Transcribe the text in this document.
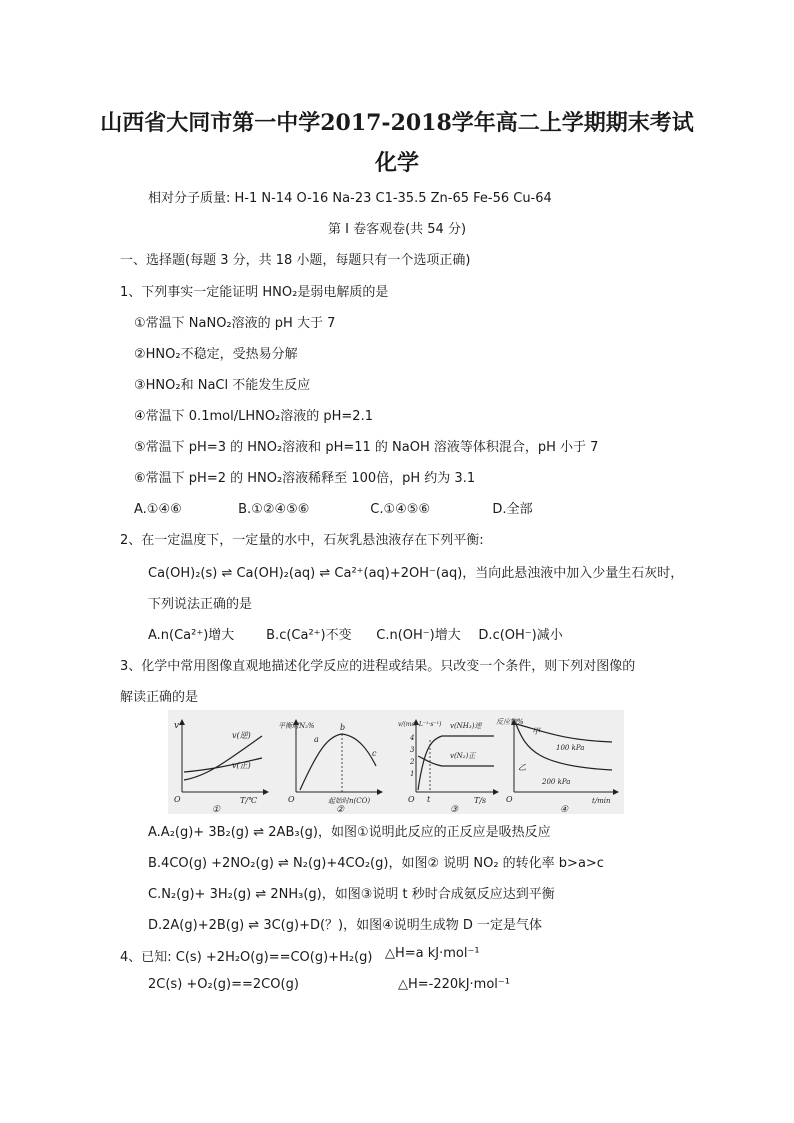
山西省大同市第一中学2017-2018学年高二上学期期末考试
化学
相对分子质量: H-1 N-14 O-16 Na-23 C1-35.5 Zn-65 Fe-56 Cu-64
第 I 卷客观卷(共 54 分)
一、选择题(每题 3 分，共 18 小题，每题只有一个选项正确)
1、下列事实一定能证明 HNO₂是弱电解质的是
①常温下 NaNO₂溶液的 pH 大于 7
②HNO₂不稳定，受热易分解
③HNO₂和 NaCl 不能发生反应
④常温下 0.1mol/LHNO₂溶液的 pH=2.1
⑤常温下 pH=3 的 HNO₂溶液和 pH=11 的 NaOH 溶液等体积混合，pH 小于 7
⑥常温下 pH=2 的 HNO₂溶液稀释至 100倍，pH 约为 3.1
A.①④⑥	B.①②④⑤⑥	C.①④⑤⑥	D.全部
2、在一定温度下，一定量的水中，石灰乳悬浊液存在下列平衡:
Ca(OH)₂(s) ⇌ Ca(OH)₂(aq) ⇌ Ca²⁺(aq)+2OH⁻(aq)，当向此悬浊液中加入少量生石灰时，
下列说法正确的是
A.n(Ca²⁺)增大 B.c(Ca²⁺)不变 C.n(OH⁻)增大 D.c(OH⁻)减小
3、化学中常用图像直观地描述化学反应的进程或结果。只改变一个条件，则下列对图像的
解读正确的是
v
v(逆)
v(正)
T/℃
O
①
平衡时N₂%
a
b
c
起始时n(CO)
O
②
4
3
2
1
v/(mol·L⁻¹·s⁻¹) v(NH₃)逆
v(N₂)正
t	T/s
O
③
反应物%
甲
乙
100 kPa
200 kPa
t/min
O
④
A.A₂(g)+ 3B₂(g) ⇌ 2AB₃(g)，如图①说明此反应的正反应是吸热反应
B.4CO(g) +2NO₂(g) ⇌ N₂(g)+4CO₂(g)，如图② 说明 NO₂ 的转化率 b>a>c
C.N₂(g)+ 3H₂(g) ⇌ 2NH₃(g)，如图③说明 t 秒时合成氨反应达到平衡
D.2A(g)+2B(g) ⇌ 3C(g)+D(？)，如图④说明生成物 D 一定是气体
4、已知: C(s) +2H₂O(g)==CO(g)+H₂(g) △H=a kJ·mol⁻¹
2C(s) +O₂(g)==2CO(g)	△H=-220kJ·mol⁻¹
